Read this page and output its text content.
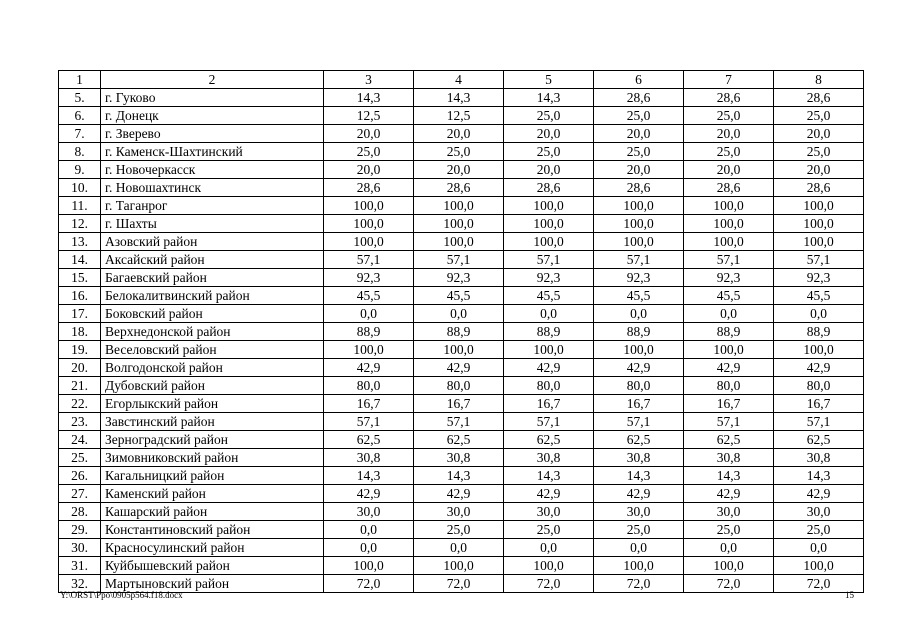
1	2	3	4	5	6	7	8
5.	г. Гуково	14,3	14,3	14,3	28,6	28,6	28,6
6.	г. Донецк	12,5	12,5	25,0	25,0	25,0	25,0
7.	г. Зверево	20,0	20,0	20,0	20,0	20,0	20,0
8.	г. Каменск-Шахтинский	25,0	25,0	25,0	25,0	25,0	25,0
9.	г. Новочеркасск	20,0	20,0	20,0	20,0	20,0	20,0
10.	г. Новошахтинск	28,6	28,6	28,6	28,6	28,6	28,6
11.	г. Таганрог	100,0	100,0	100,0	100,0	100,0	100,0
12.	г. Шахты	100,0	100,0	100,0	100,0	100,0	100,0
13.	Азовский район	100,0	100,0	100,0	100,0	100,0	100,0
14.	Аксайский район	57,1	57,1	57,1	57,1	57,1	57,1
15.	Багаевский район	92,3	92,3	92,3	92,3	92,3	92,3
16.	Белокалитвинский район	45,5	45,5	45,5	45,5	45,5	45,5
17.	Боковский район	0,0	0,0	0,0	0,0	0,0	0,0
18.	Верхнедонской район	88,9	88,9	88,9	88,9	88,9	88,9
19.	Веселовский район	100,0	100,0	100,0	100,0	100,0	100,0
20.	Волгодонской район	42,9	42,9	42,9	42,9	42,9	42,9
21.	Дубовский район	80,0	80,0	80,0	80,0	80,0	80,0
22.	Егорлыкский район	16,7	16,7	16,7	16,7	16,7	16,7
23.	Завстинский район	57,1	57,1	57,1	57,1	57,1	57,1
24.	Зерноградский район	62,5	62,5	62,5	62,5	62,5	62,5
25.	Зимовниковский район	30,8	30,8	30,8	30,8	30,8	30,8
26.	Кагальницкий район	14,3	14,3	14,3	14,3	14,3	14,3
27.	Каменский район	42,9	42,9	42,9	42,9	42,9	42,9
28.	Кашарский район	30,0	30,0	30,0	30,0	30,0	30,0
29.	Константиновский район	0,0	25,0	25,0	25,0	25,0	25,0
30.	Красносулинский район	0,0	0,0	0,0	0,0	0,0	0,0
31.	Куйбышевский район	100,0	100,0	100,0	100,0	100,0	100,0
32.	Мартыновский район	72,0	72,0	72,0	72,0	72,0	72,0
Y:\ORST\Ppo\0905p564.f18.docx	15
